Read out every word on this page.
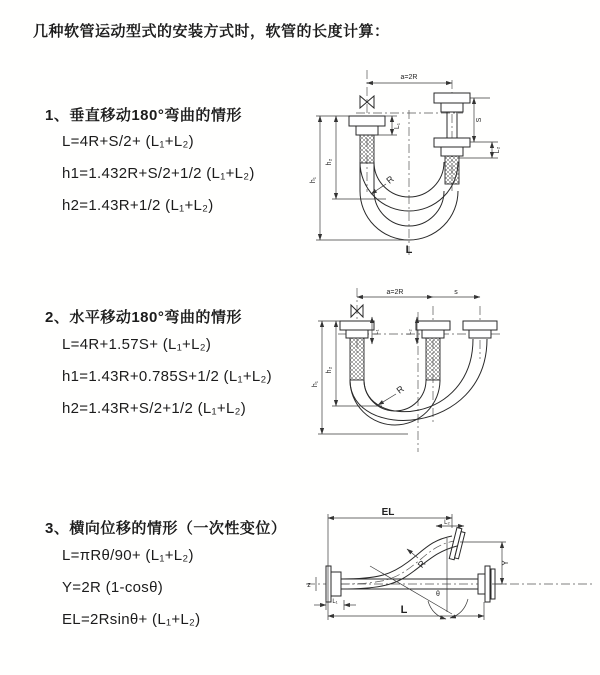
几种软管运动型式的安装方式时，软管的长度计算：
1、垂直移动180°弯曲的情形
L=4R+S/2+ (L₁+L₂)
h1=1.432R+S/2+1/2 (L₁+L₂)
h2=1.43R+1/2 (L₁+L₂)
2、水平移动180°弯曲的情形
L=4R+1.57S+ (L₁+L₂)
h1=1.43R+0.785S+1/2 (L₁+L₂)
h2=1.43R+S/2+1/2 (L₁+L₂)
3、横向位移的情形（一次性变位）
L=πRθ/90+ (L₁+L₂)
Y=2R (1-cosθ)
EL=2Rsinθ+ (L₁+L₂)
a=2R
L₁
S
L₂
h₁
h₂
R
L
a=2R	s
L₁	L₂
h₁
h₂
R
EL
L₂
Y
L
L₁
z
θ
R
